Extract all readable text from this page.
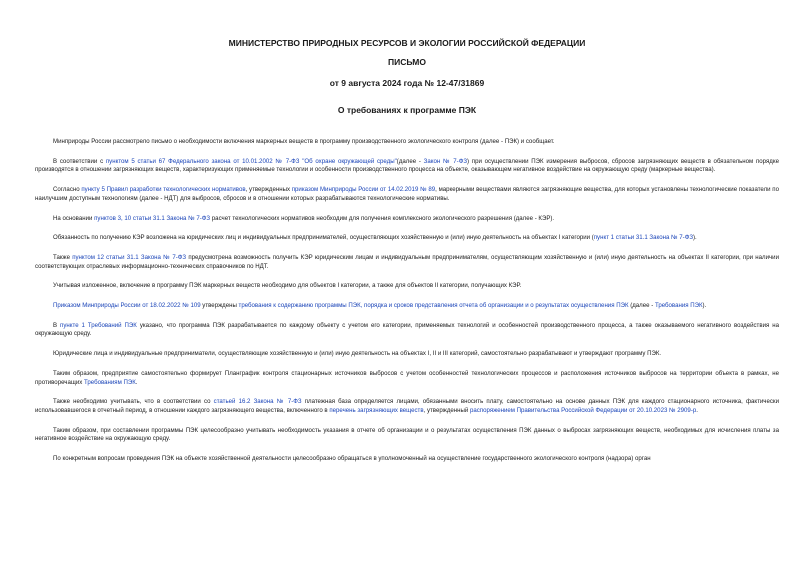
МИНИСТЕРСТВО ПРИРОДНЫХ РЕСУРСОВ И ЭКОЛОГИИ РОССИЙСКОЙ ФЕДЕРАЦИИ
ПИСЬМО
от 9 августа 2024 года № 12-47/31869
О требованиях к программе ПЭК

Минприроды России рассмотрело письмо о необходимости включения маркерных веществ в программу производственного экологического контроля (далее - ПЭК) и сообщает.

В соответствии с пунктом 5 статьи 67 Федерального закона от 10.01.2002 № 7-ФЗ "Об охране окружающей среды"(далее - Закон № 7-ФЗ) при осуществлении ПЭК измерения выбросов, сбросов загрязняющих веществ в обязательном порядке производятся в отношении загрязняющих веществ, характеризующих применяемые технологии и особенности производственного процесса на объекте, оказывающем негативное воздействие на окружающую среду (маркерные вещества).

Согласно пункту 5 Правил разработки технологических нормативов, утвержденных приказом Минприроды России от 14.02.2019 № 89, маркерными веществами являются загрязняющие вещества, для которых установлены технологические показатели по наилучшим доступным технологиям (далее - НДТ) для выбросов, сбросов и в отношении которых разрабатываются технологические нормативы.

На основании пунктов 3, 10 статьи 31.1 Закона № 7-ФЗ расчет технологических нормативов необходим для получения комплексного экологического разрешения (далее - КЭР).

Обязанность по получению КЭР возложена на юридических лиц и индивидуальных предпринимателей, осуществляющих хозяйственную и (или) иную деятельность на объектах I категории (пункт 1 статьи 31.1 Закона № 7-ФЗ).

Также пунктом 12 статьи 31.1 Закона № 7-ФЗ предусмотрена возможность получить КЭР юридическим лицам и индивидуальным предпринимателям, осуществляющим хозяйственную и (или) иную деятельность на объектах II категории, при наличии соответствующих отраслевых информационно-технических справочников по НДТ.

Учитывая изложенное, включение в программу ПЭК маркерных веществ необходимо для объектов I категории, а также для объектов II категории, получающих КЭР.

Приказом Минприроды России от 18.02.2022 № 109 утверждены требования к содержанию программы ПЭК, порядка и сроков представления отчета об организации и о результатах осуществления ПЭК (далее - Требования ПЭК).

В пункте 1 Требований ПЭК указано, что программа ПЭК разрабатывается по каждому объекту с учетом его категории, применяемых технологий и особенностей производственного процесса, а также оказываемого негативного воздействия на окружающую среду.

Юридические лица и индивидуальные предприниматели, осуществляющие хозяйственную и (или) иную деятельность на объектах I, II и III категорий, самостоятельно разрабатывают и утверждают программу ПЭК.

Таким образом, предприятие самостоятельно формирует Планграфик контроля стационарных источников выбросов с учетом особенностей технологических процессов и расположения источников выбросов на территории объекта в рамках, не противоречащих Требованиям ПЭК.

Также необходимо учитывать, что в соответствии со статьей 16.2 Закона № 7-ФЗ платежная база определяется лицами, обязанными вносить плату, самостоятельно на основе данных ПЭК для каждого стационарного источника, фактически использовавшегося в отчетный период, в отношении каждого загрязняющего вещества, включенного в перечень загрязняющих веществ, утвержденный распоряжением Правительства Российской Федерации от 20.10.2023 № 2909-р.

Таким образом, при составлении программы ПЭК целесообразно учитывать необходимость указания в отчете об организации и о результатах осуществления ПЭК данных о выбросах загрязняющих веществ, необходимых для исчисления платы за негативное воздействие на окружающую среду.

По конкретным вопросам проведения ПЭК на объекте хозяйственной деятельности целесообразно обращаться в уполномоченный на осуществление государственного экологического контроля (надзора) орган
